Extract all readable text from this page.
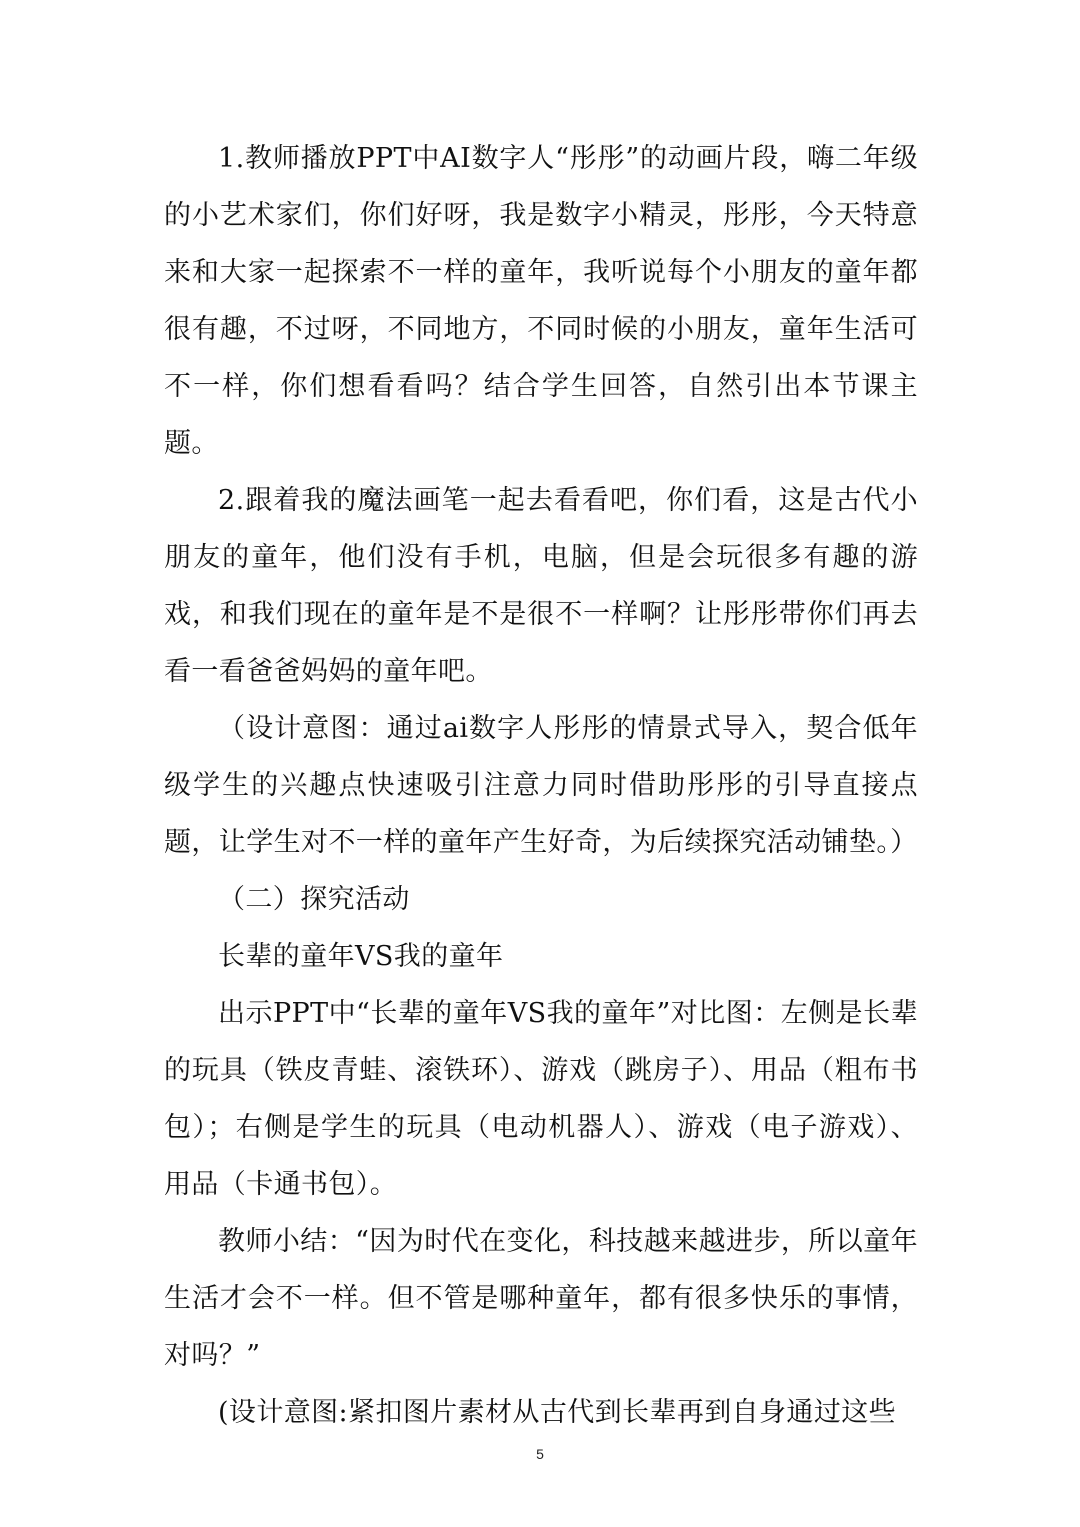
1.教师播放PPT中AI数字人“彤彤”的动画片段，嗨二年级的小艺术家们，你们好呀，我是数字小精灵，彤彤，今天特意来和大家一起探索不一样的童年，我听说每个小朋友的童年都很有趣，不过呀，不同地方，不同时候的小朋友，童年生活可不一样，你们想看看吗？结合学生回答，自然引出本节课主题。

2.跟着我的魔法画笔一起去看看吧，你们看，这是古代小朋友的童年，他们没有手机，电脑，但是会玩很多有趣的游戏，和我们现在的童年是不是很不一样啊？让彤彤带你们再去看一看爸爸妈妈的童年吧。

（设计意图：通过ai数字人彤彤的情景式导入，契合低年级学生的兴趣点快速吸引注意力同时借助彤彤的引导直接点题，让学生对不一样的童年产生好奇，为后续探究活动铺垫。）

（二）探究活动

长辈的童年VS我的童年

出示PPT中“长辈的童年VS我的童年”对比图：左侧是长辈的玩具（铁皮青蛙、滚铁环）、游戏（跳房子）、用品（粗布书包）；右侧是学生的玩具（电动机器人）、游戏（电子游戏）、用品（卡通书包）。

教师小结：“因为时代在变化，科技越来越进步，所以童年生活才会不一样。但不管是哪种童年，都有很多快乐的事情，对吗？”

(设计意图:紧扣图片素材从古代到长辈再到自身通过这些

5
